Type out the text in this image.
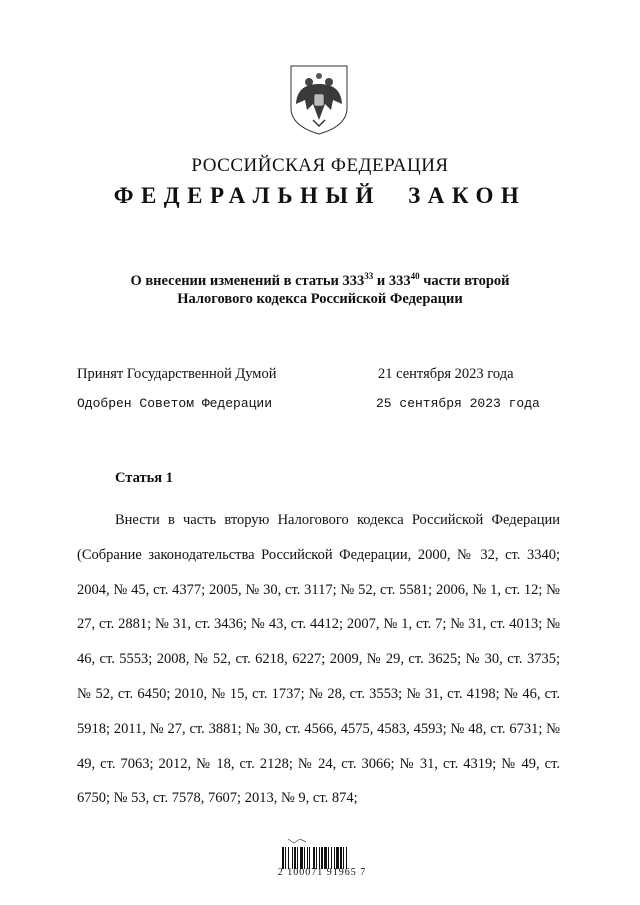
РОССИЙСКАЯ ФЕДЕРАЦИЯ
ФЕДЕРАЛЬНЫЙ ЗАКОН
О внесении изменений в статьи $333^{33}$ и $333^{40}$ части второй
Налогового кодекса Российской Федерации
Принят Государственной Думой	21 сентября 2023 года
Одобрен Советом Федерации	25 сентября 2023 года
Статья 1
Внести в часть вторую Налогового кодекса Российской Федерации (Собрание законодательства Российской Федерации, 2000, № 32, ст. 3340; 2004, № 45, ст. 4377; 2005, № 30, ст. 3117; № 52, ст. 5581; 2006, № 1, ст. 12; № 27, ст. 2881; № 31, ст. 3436; № 43, ст. 4412; 2007, № 1, ст. 7; № 31, ст. 4013; № 46, ст. 5553; 2008, № 52, ст. 6218, 6227; 2009, № 29, ст. 3625; № 30, ст. 3735; № 52, ст. 6450; 2010, № 15, ст. 1737; № 28, ст. 3553; № 31, ст. 4198; № 46, ст. 5918; 2011, № 27, ст. 3881; № 30, ст. 4566, 4575, 4583, 4593; № 48, ст. 6731; № 49, ст. 7063; 2012, № 18, ст. 2128; № 24, ст. 3066; № 31, ст. 4319; № 49, ст. 6750; № 53, ст. 7578, 7607; 2013, № 9, ст. 874;
2 100071 91965 7
